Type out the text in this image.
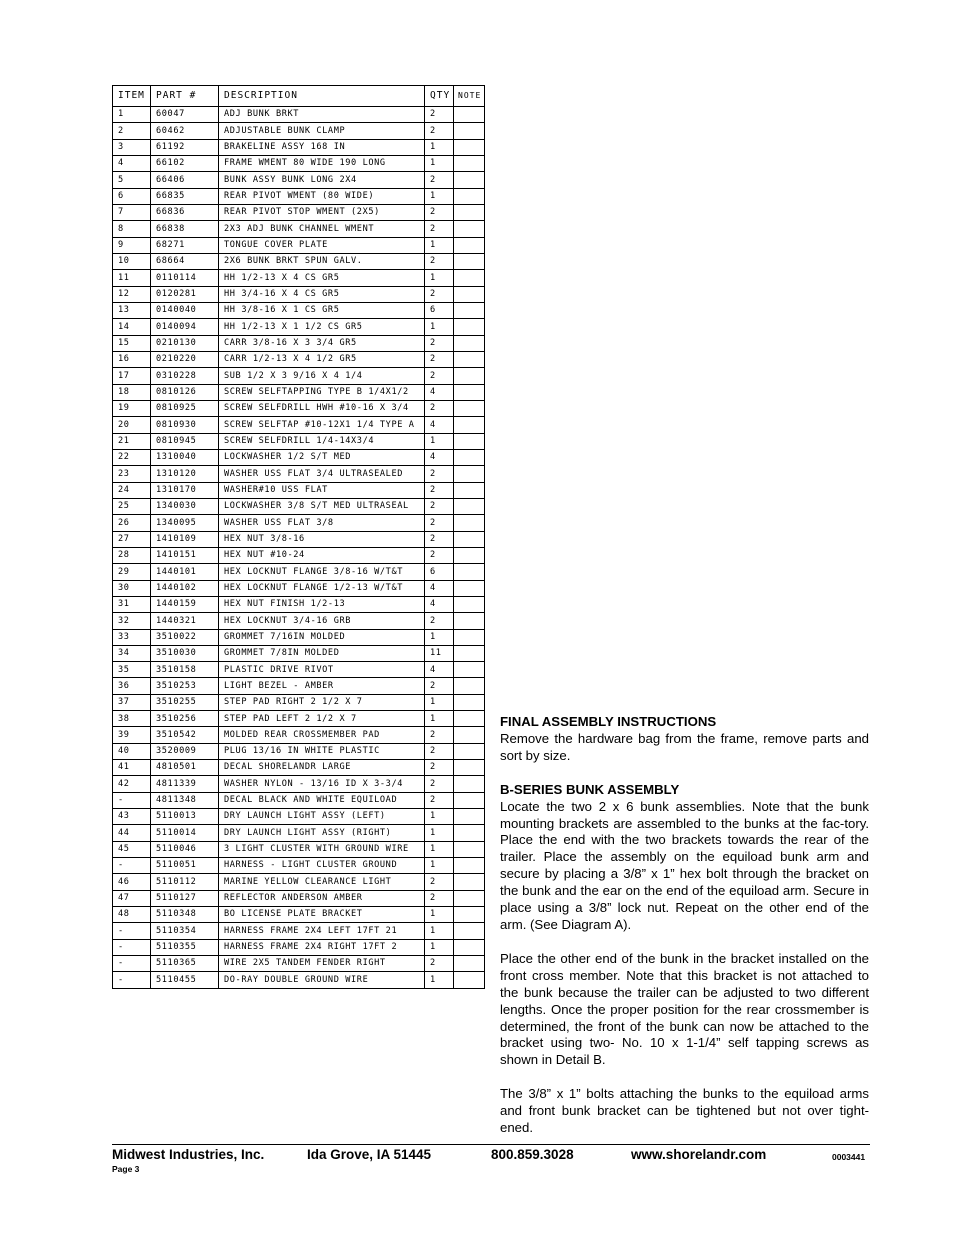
ITEM	PART #	DESCRIPTION	QTY	NOTE
1	60047	ADJ BUNK BRKT	2	
2	60462	ADJUSTABLE BUNK CLAMP	2	
3	61192	BRAKELINE ASSY 168 IN	1	
4	66102	FRAME WMENT 80 WIDE 190 LONG	1	
5	66406	BUNK ASSY BUNK LONG 2X4	2	
6	66835	REAR PIVOT WMENT (80 WIDE)	1	
7	66836	REAR PIVOT STOP WMENT (2X5)	2	
8	66838	2X3 ADJ BUNK CHANNEL WMENT	2	
9	68271	TONGUE COVER PLATE	1	
10	68664	2X6 BUNK BRKT SPUN GALV.	2	
11	0110114	HH 1/2-13 X 4 CS GR5	1	
12	0120281	HH 3/4-16 X 4 CS GR5	2	
13	0140040	HH 3/8-16 X 1 CS GR5	6	
14	0140094	HH 1/2-13 X 1 1/2 CS GR5	1	
15	0210130	CARR 3/8-16 X 3 3/4 GR5	2	
16	0210220	CARR 1/2-13 X 4 1/2 GR5	2	
17	0310228	SUB 1/2 X 3 9/16 X 4 1/4	2	
18	0810126	SCREW SELFTAPPING TYPE B 1/4X1/2	4	
19	0810925	SCREW SELFDRILL HWH #10-16 X 3/4	2	
20	0810930	SCREW SELFTAP #10-12X1 1/4 TYPE A	4	
21	0810945	SCREW SELFDRILL 1/4-14X3/4	1	
22	1310040	LOCKWASHER 1/2 S/T MED	4	
23	1310120	WASHER USS FLAT 3/4 ULTRASEALED	2	
24	1310170	WASHER#10 USS FLAT	2	
25	1340030	LOCKWASHER 3/8 S/T MED ULTRASEAL	2	
26	1340095	WASHER USS FLAT 3/8	2	
27	1410109	HEX NUT 3/8-16	2	
28	1410151	HEX NUT #10-24	2	
29	1440101	HEX LOCKNUT FLANGE 3/8-16 W/T&T	6	
30	1440102	HEX LOCKNUT FLANGE 1/2-13 W/T&T	4	
31	1440159	HEX NUT FINISH 1/2-13	4	
32	1440321	HEX LOCKNUT 3/4-16 GRB	2	
33	3510022	GROMMET 7/16IN MOLDED	1	
34	3510030	GROMMET 7/8IN MOLDED	11	
35	3510158	PLASTIC DRIVE RIVOT	4	
36	3510253	LIGHT BEZEL - AMBER	2	
37	3510255	STEP PAD RIGHT 2 1/2 X 7	1	
38	3510256	STEP PAD LEFT 2 1/2 X 7	1	
39	3510542	MOLDED REAR CROSSMEMBER PAD	2	
40	3520009	PLUG 13/16 IN WHITE PLASTIC	2	
41	4810501	DECAL SHORELANDR LARGE	2	
42	4811339	WASHER NYLON - 13/16 ID X 3-3/4	2	
-	4811348	DECAL BLACK AND WHITE EQUILOAD	2	
43	5110013	DRY LAUNCH LIGHT ASSY (LEFT)	1	
44	5110014	DRY LAUNCH LIGHT ASSY (RIGHT)	1	
45	5110046	3 LIGHT CLUSTER WITH GROUND WIRE	1	
-	5110051	HARNESS - LIGHT CLUSTER GROUND	1	
46	5110112	MARINE YELLOW CLEARANCE LIGHT	2	
47	5110127	REFLECTOR ANDERSON AMBER	2	
48	5110348	BO LICENSE PLATE BRACKET	1	
-	5110354	HARNESS FRAME 2X4 LEFT 17FT 21	1	
-	5110355	HARNESS FRAME 2X4 RIGHT 17FT 2	1	
-	5110365	WIRE 2X5 TANDEM FENDER RIGHT	2	
-	5110455	DO-RAY DOUBLE GROUND WIRE	1	
FINAL ASSEMBLY INSTRUCTIONS

Remove the hardware bag from the frame, remove parts and sort by size.

B-SERIES BUNK ASSEMBLY

Locate the two 2 x 6 bunk assemblies. Note that the bunk mounting brackets are assembled to the bunks at the fac-tory. Place the end with the two brackets towards the rear of the trailer. Place the assembly on the equiload bunk arm and secure by placing a 3/8” x 1” hex bolt through the bracket on the bunk and the ear on the end of the equiload arm. Secure in place using a 3/8” lock nut. Repeat on the other end of the arm. (See Diagram A).

Place the other end of the bunk in the bracket installed on the front cross member. Note that this bracket is not attached to the bunk because the trailer can be adjusted to two different lengths. Once the proper position for the rear crossmember is determined, the front of the bunk can now be attached to the bracket using two- No. 10 x 1-1/4” self tapping screws as shown in Detail B.

The 3/8” x 1” bolts attaching the bunks to the equiload arms and front bunk bracket can be tightened but not over tight-ened.

Midwest Industries, Inc.	Ida Grove, IA 51445	800.859.3028	www.shorelandr.com	0003441
Page 3
